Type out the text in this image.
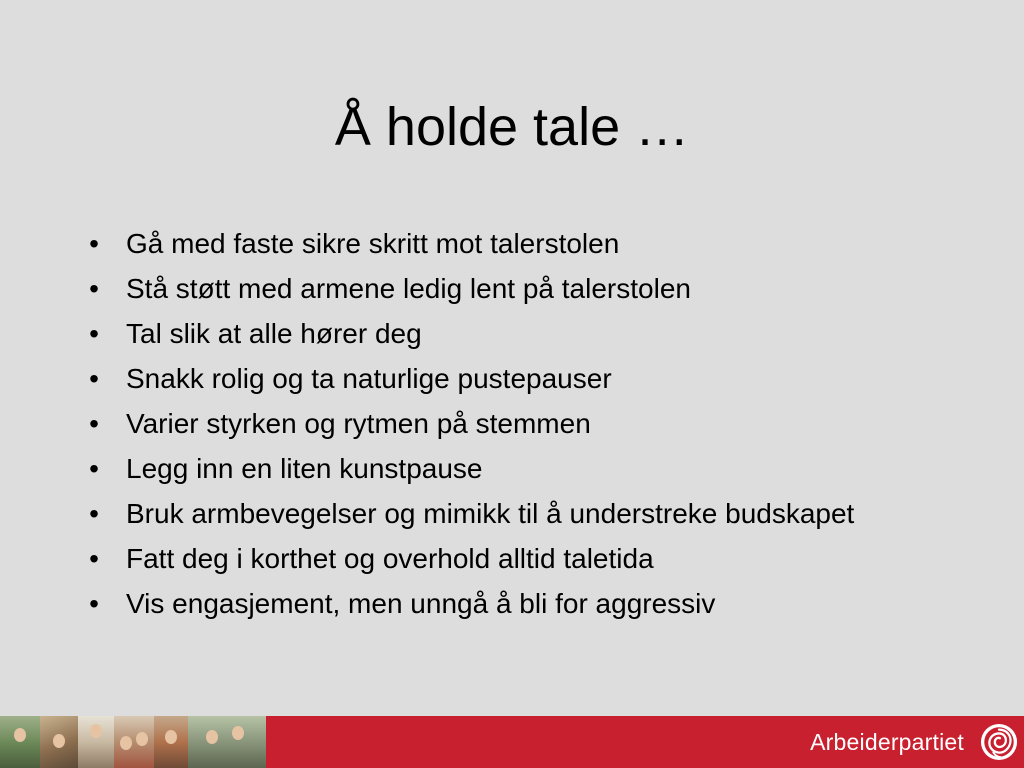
Å holde tale …
• Gå med faste sikre skritt mot talerstolen
• Stå støtt med armene ledig lent på talerstolen
• Tal slik at alle hører deg
• Snakk rolig og ta naturlige pustepauser
• Varier styrken og rytmen på stemmen
• Legg inn en liten kunstpause
• Bruk armbevegelser og mimikk til å understreke budskapet
• Fatt deg i korthet og overhold alltid taletida
• Vis engasjement, men unngå å bli for aggressiv
Arbeiderpartiet
